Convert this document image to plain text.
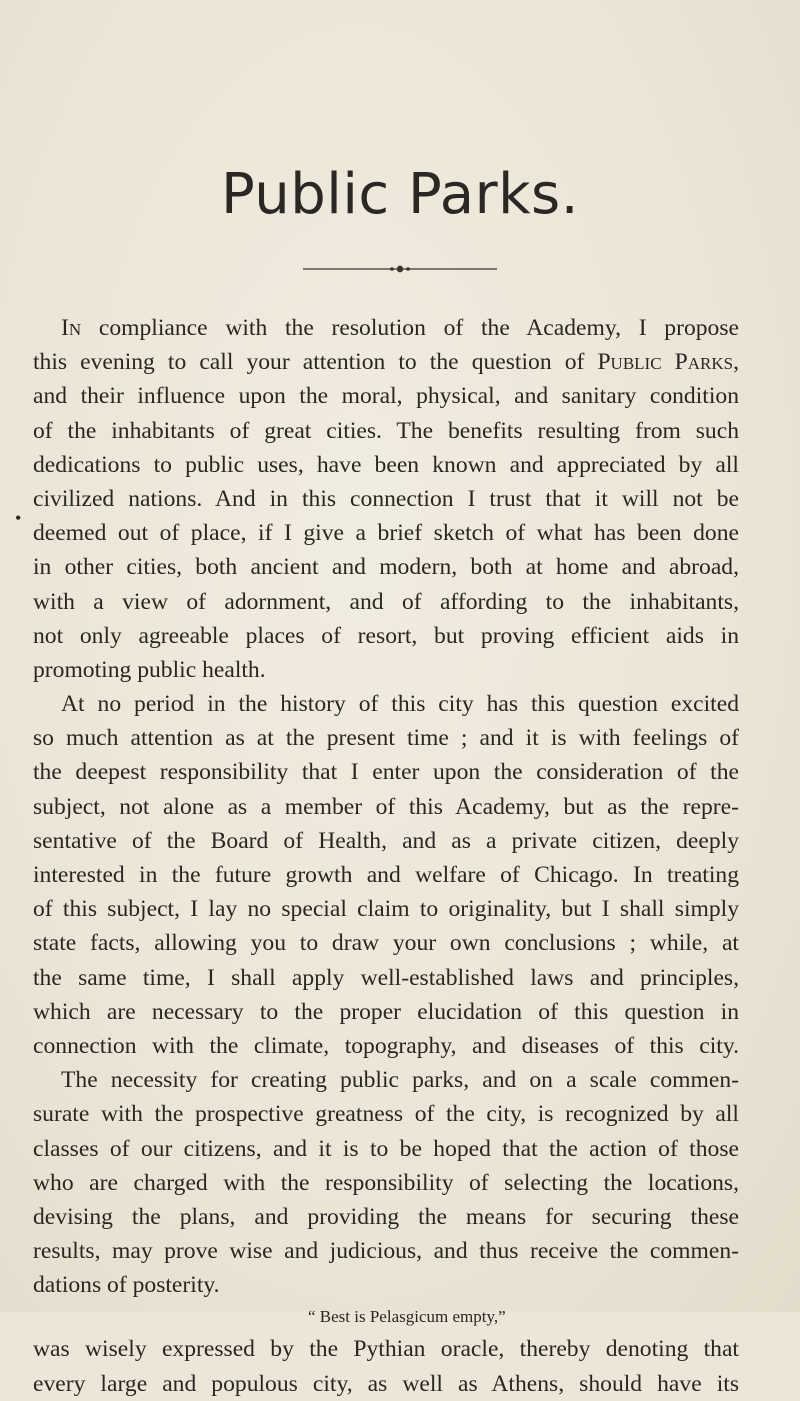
Public Parks.
In compliance with the resolution of the Academy, I propose
this evening to call your attention to the question of Public Parks,
and their influence upon the moral, physical, and sanitary condition
of the inhabitants of great cities. The benefits resulting from such
dedications to public uses, have been known and appreciated by all
civilized nations. And in this connection I trust that it will not be
deemed out of place, if I give a brief sketch of what has been done
in other cities, both ancient and modern, both at home and abroad,
with a view of adornment, and of affording to the inhabitants,
not only agreeable places of resort, but proving efficient aids in
promoting public health.
At no period in the history of this city has this question excited
so much attention as at the present time ; and it is with feelings of
the deepest responsibility that I enter upon the consideration of the
subject, not alone as a member of this Academy, but as the repre-
sentative of the Board of Health, and as a private citizen, deeply
interested in the future growth and welfare of Chicago. In treating
of this subject, I lay no special claim to originality, but I shall simply
state facts, allowing you to draw your own conclusions ; while, at
the same time, I shall apply well-established laws and principles,
which are necessary to the proper elucidation of this question in
connection with the climate, topography, and diseases of this city.
The necessity for creating public parks, and on a scale commen-
surate with the prospective greatness of the city, is recognized by all
classes of our citizens, and it is to be hoped that the action of those
who are charged with the responsibility of selecting the locations,
devising the plans, and providing the means for securing these
results, may prove wise and judicious, and thus receive the commen-
dations of posterity.
“ Best is Pelasgicum empty,”
was wisely expressed by the Pythian oracle, thereby denoting that
every large and populous city, as well as Athens, should have its
•
